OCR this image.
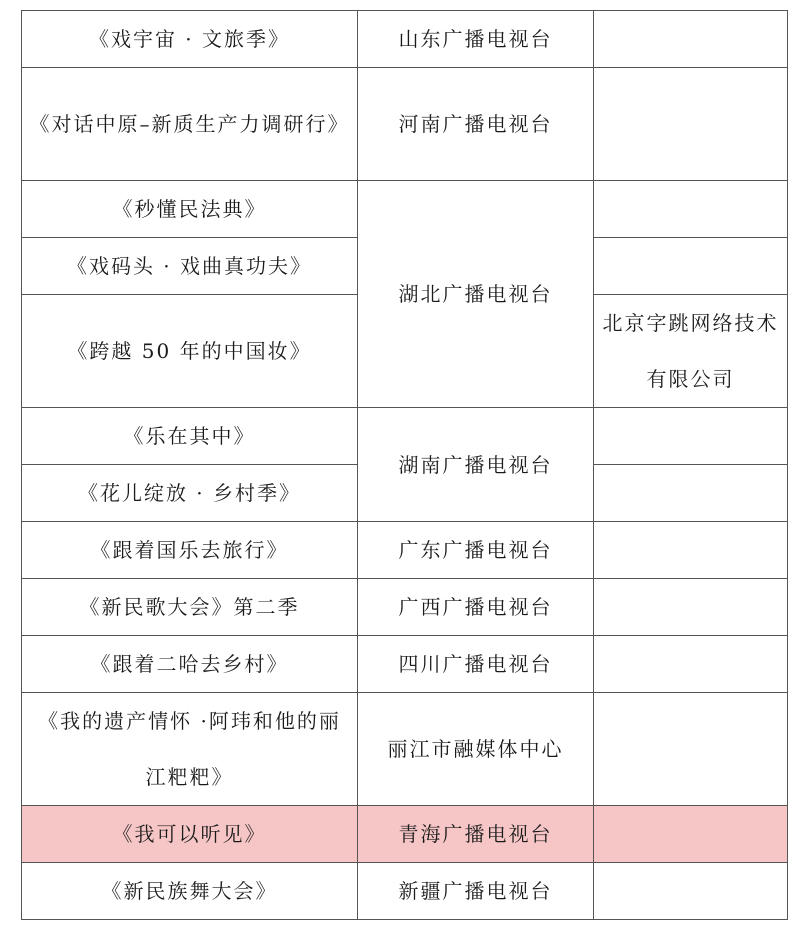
《戏宇宙 · 文旅季》	山东广播电视台	
《对话中原–新质生产力调研行》	河南广播电视台	
《秒懂民法典》	湖北广播电视台	
《戏码头 · 戏曲真功夫》		
《跨越 50 年的中国妆》		北京字跳网络技术有限公司
《乐在其中》	湖南广播电视台	
《花儿绽放 · 乡村季》		
《跟着国乐去旅行》	广东广播电视台	
《新民歌大会》第二季	广西广播电视台	
《跟着二哈去乡村》	四川广播电视台	
《我的遗产情怀 ·阿玮和他的丽江粑粑》	丽江市融媒体中心	
《我可以听见》	青海广播电视台	
《新民族舞大会》	新疆广播电视台	
